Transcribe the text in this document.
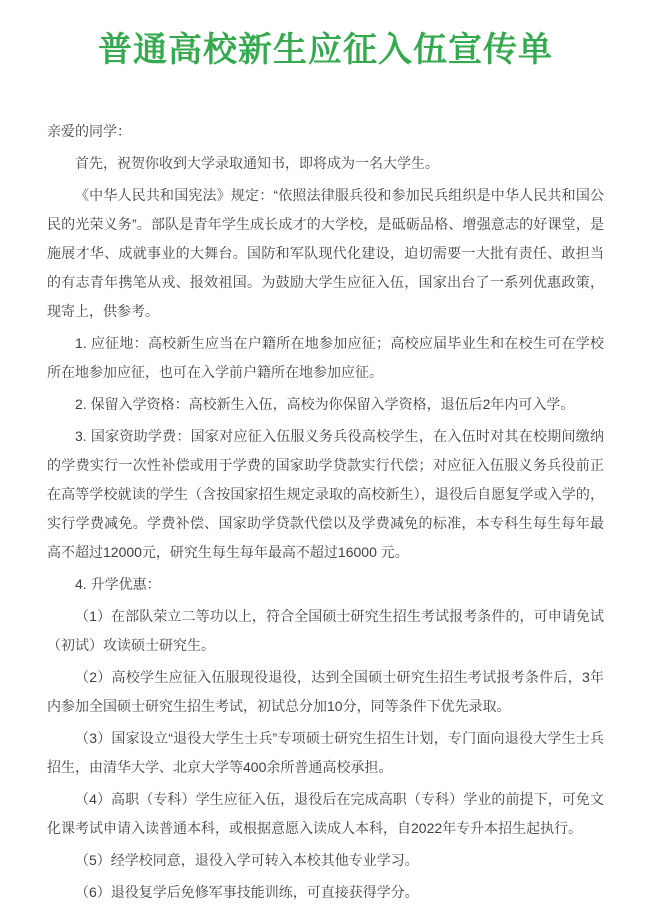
普通高校新生应征入伍宣传单

亲爱的同学：

首先，祝贺你收到大学录取通知书，即将成为一名大学生。

《中华人民共和国宪法》规定：“依照法律服兵役和参加民兵组织是中华人民共和国公民的光荣义务”。部队是青年学生成长成才的大学校，是砥砺品格、增强意志的好课堂，是施展才华、成就事业的大舞台。国防和军队现代化建设，迫切需要一大批有责任、敢担当的有志青年携笔从戎、报效祖国。为鼓励大学生应征入伍，国家出台了一系列优惠政策，现寄上，供参考。

1. 应征地：高校新生应当在户籍所在地参加应征；高校应届毕业生和在校生可在学校所在地参加应征，也可在入学前户籍所在地参加应征。

2. 保留入学资格：高校新生入伍，高校为你保留入学资格，退伍后2年内可入学。

3. 国家资助学费：国家对应征入伍服义务兵役高校学生，在入伍时对其在校期间缴纳的学费实行一次性补偿或用于学费的国家助学贷款实行代偿；对应征入伍服义务兵役前正在高等学校就读的学生（含按国家招生规定录取的高校新生），退役后自愿复学或入学的，实行学费减免。学费补偿、国家助学贷款代偿以及学费减免的标准，本专科生每生每年最高不超过12000元，研究生每生每年最高不超过16000 元。

4. 升学优惠：

（1）在部队荣立二等功以上，符合全国硕士研究生招生考试报考条件的，可申请免试（初试）攻读硕士研究生。

（2）高校学生应征入伍服现役退役，达到全国硕士研究生招生考试报考条件后，3年内参加全国硕士研究生招生考试，初试总分加10分，同等条件下优先录取。

（3）国家设立“退役大学生士兵”专项硕士研究生招生计划，专门面向退役大学生士兵招生，由清华大学、北京大学等400余所普通高校承担。

（4）高职（专科）学生应征入伍，退役后在完成高职（专科）学业的前提下，可免文化课考试申请入读普通本科，或根据意愿入读成人本科，自2022年专升本招生起执行。

（5）经学校同意，退役入学可转入本校其他专业学习。

（6）退役复学后免修军事技能训练，可直接获得学分。
